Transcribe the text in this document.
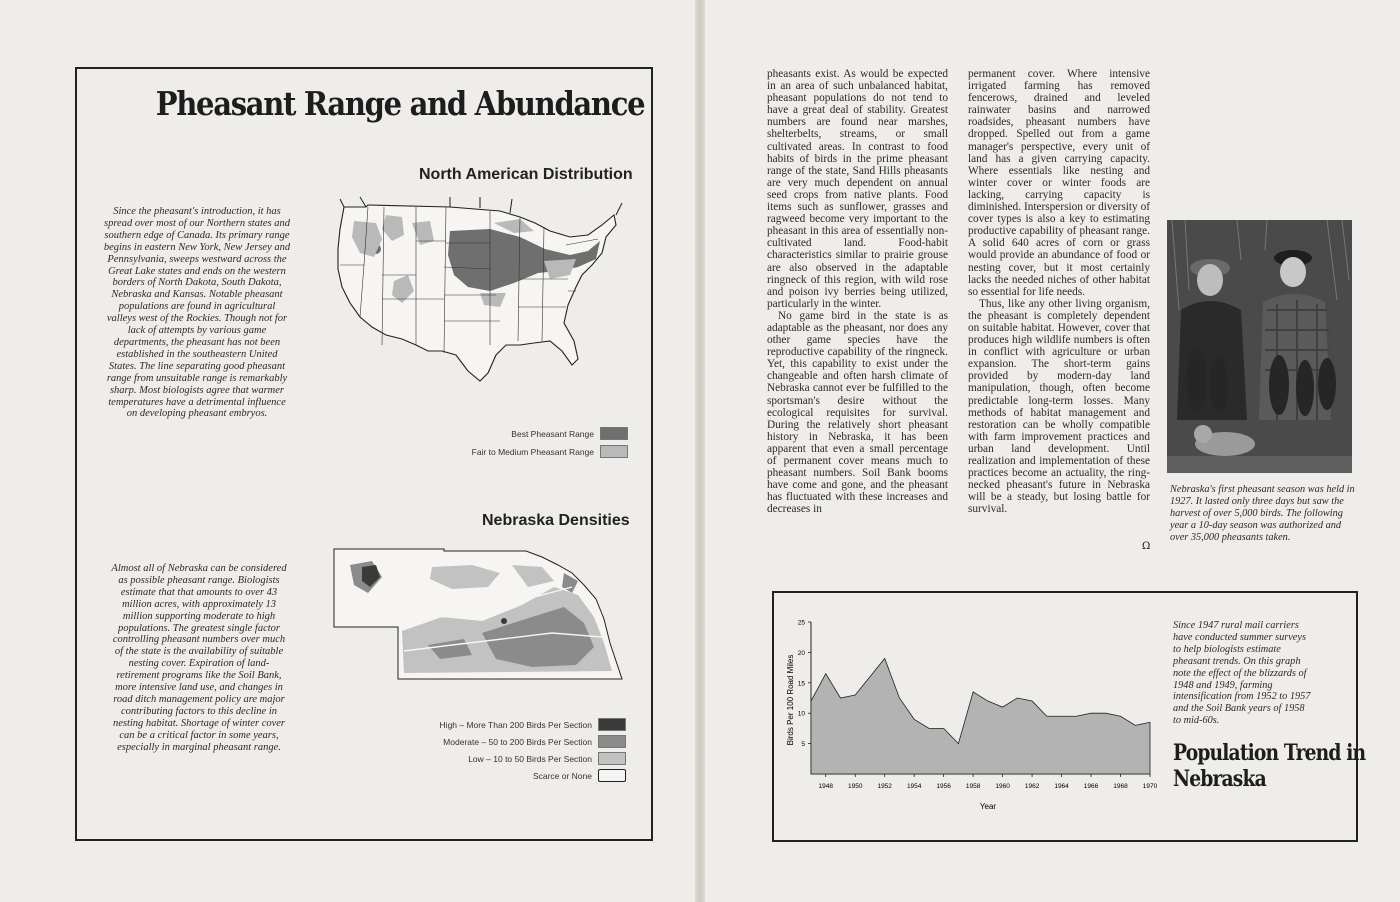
Pheasant Range and Abundance
North American Distribution

Since the pheasant's introduction, it has spread over most of our Northern states and southern edge of Canada. Its primary range begins in eastern New York, New Jersey and Pennsylvania, sweeps westward across the Great Lake states and ends on the western borders of North Dakota, South Dakota, Nebraska and Kansas. Notable pheasant populations are found in agricultural valleys west of the Rockies. Though not for lack of attempts by various game departments, the pheasant has not been established in the southeastern United States. The line separating good pheasant range from unsuitable range is remarkably sharp. Most biologists agree that warmer temperatures have a detrimental influence on developing pheasant embryos.

Best Pheasant Range
Fair to Medium Pheasant Range
Nebraska Densities

Almost all of Nebraska can be considered as possible pheasant range. Biologists estimate that that amounts to over 43 million acres, with approximately 13 million supporting moderate to high populations. The greatest single factor controlling pheasant numbers over much of the state is the availability of suitable nesting cover. Expiration of land-retirement programs like the Soil Bank, more intensive land use, and changes in road ditch management policy are major contributing factors to this decline in nesting habitat. Shortage of winter cover can be a critical factor in some years, especially in marginal pheasant range.

High – More Than 200 Birds Per Section
Moderate – 50 to 200 Birds Per Section
Low – 10 to 50 Birds Per Section
Scarce or None

pheasants exist. As would be expected in an area of such unbalanced habitat, pheasant populations do not tend to have a great deal of stability. Greatest numbers are found near marshes, shelterbelts, streams, or small cultivated areas. In contrast to food habits of birds in the prime pheasant range of the state, Sand Hills pheasants are very much dependent on annual seed crops from native plants. Food items such as sunflower, grasses and ragweed become very important to the pheasant in this area of essentially non-cultivated land. Food-habit characteristics similar to prairie grouse are also observed in the adaptable ringneck of this region, with wild rose and poison ivy berries being utilized, particularly in the winter.

No game bird in the state is as adaptable as the pheasant, nor does any other game species have the reproductive capability of the ringneck. Yet, this capability to exist under the changeable and often harsh climate of Nebraska cannot ever be fulfilled to the sportsman's desire without the ecological requisites for survival. During the relatively short pheasant history in Nebraska, it has been apparent that even a small percentage of permanent cover means much to pheasant numbers. Soil Bank booms have come and gone, and the pheasant has fluctuated with these increases and decreases in

permanent cover. Where intensive irrigated farming has removed fencerows, drained and leveled rainwater basins and narrowed roadsides, pheasant numbers have dropped. Spelled out from a game manager's perspective, every unit of land has a given carrying capacity. Where essentials like nesting and winter cover or winter foods are lacking, carrying capacity is diminished. Interspersion or diversity of cover types is also a key to estimating productive capability of pheasant range. A solid 640 acres of corn or grass would provide an abundance of food or nesting cover, but it most certainly lacks the needed niches of other habitat so essential for life needs.

Thus, like any other living organism, the pheasant is completely dependent on suitable habitat. However, cover that produces high wildlife numbers is often in conflict with agriculture or urban expansion. The short-term gains provided by modern-day land manipulation, though, often become predictable long-term losses. Many methods of habitat management and restoration can be wholly compatible with farm improvement practices and urban land development. Until realization and implementation of these practices become an actuality, the ring-necked pheasant's future in Nebraska will be a steady, but losing battle for survival.

Ω

Nebraska's first pheasant season was held in 1927. It lasted only three days but saw the harvest of over 5,000 birds. The following year a 10-day season was authorized and over 35,000 pheasants taken.

5
10
15
20
25
1948 1950 1952 1954 1956 1958 1960 1962 1964 1966 1968 1970
Birds Per 100 Road Miles
Year

Since 1947 rural mail carriers have conducted summer surveys to help biologists estimate pheasant trends. On this graph note the effect of the blizzards of 1948 and 1949, farming intensification from 1952 to 1957 and the Soil Bank years of 1958 to mid-60s.

Population Trend in Nebraska
